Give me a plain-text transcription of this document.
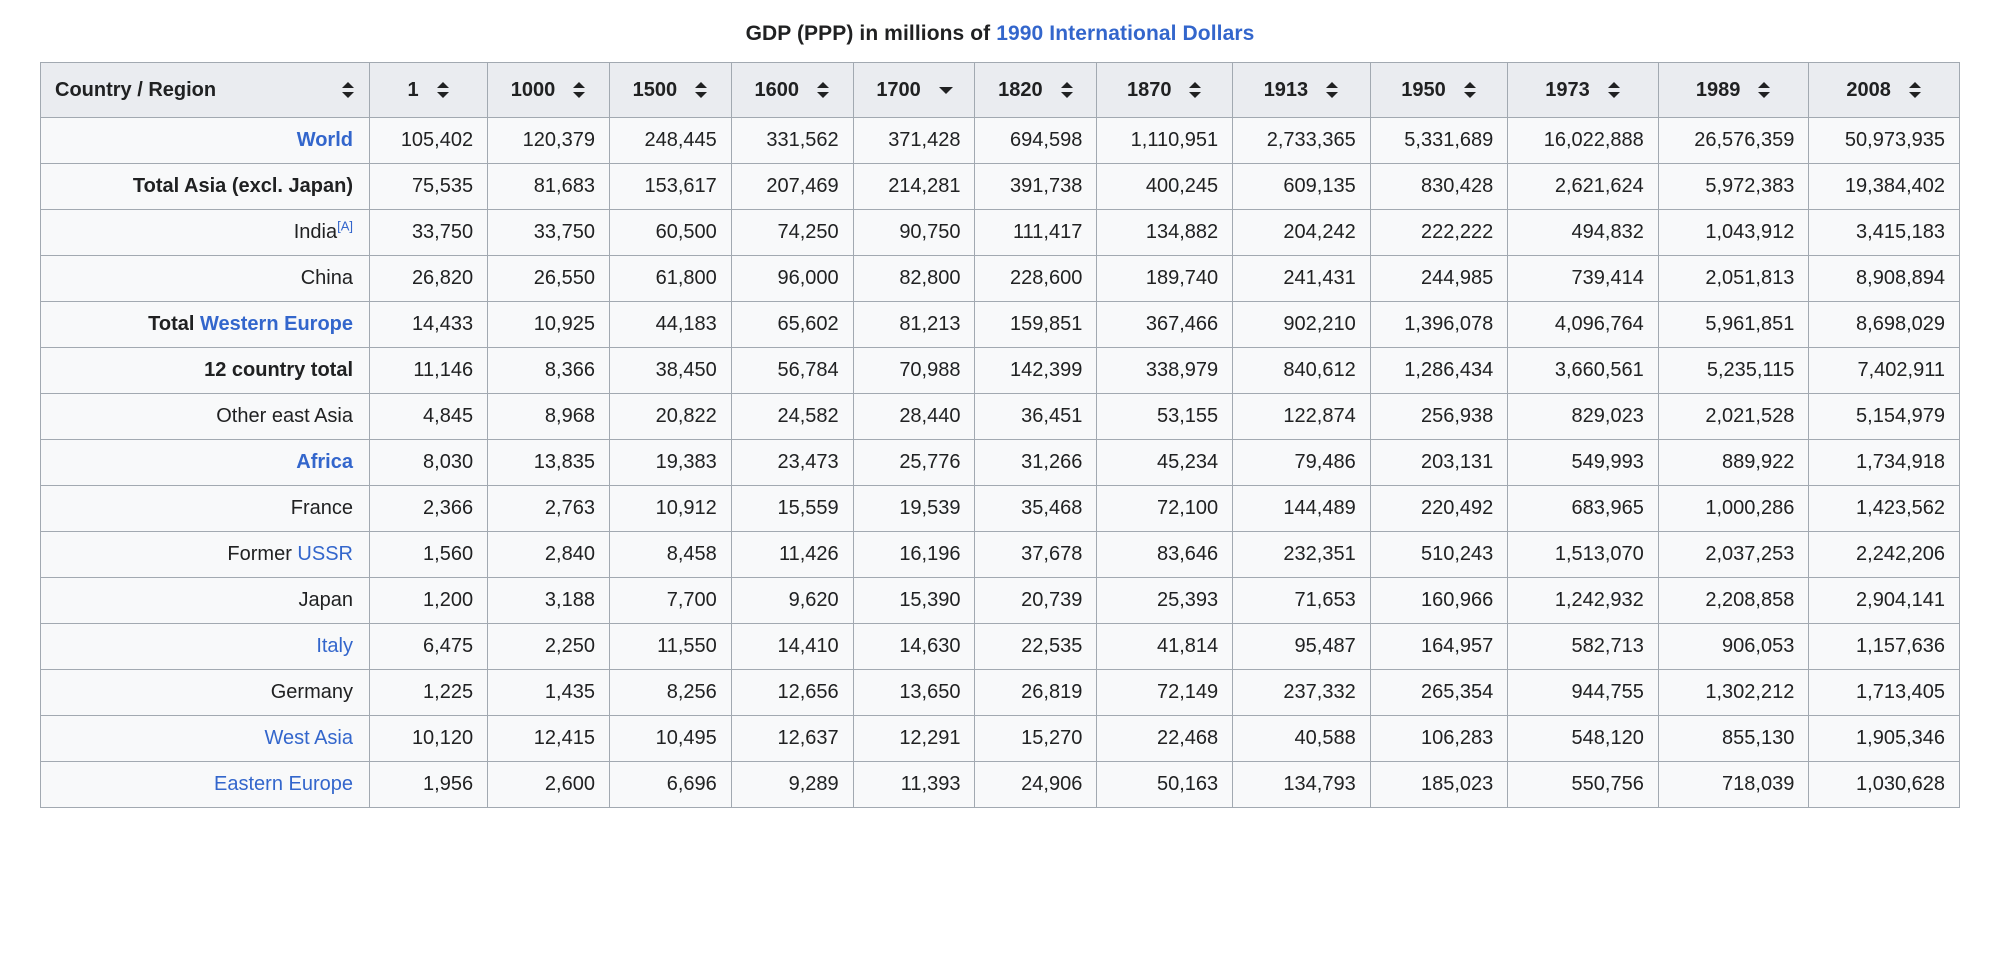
GDP (PPP) in millions of 1990 International Dollars
Country / Region	1	1000	1500	1600	1700	1820	1870	1913	1950	1973	1989	2008

World	105,402	120,379	248,445	331,562	371,428	694,598	1,110,951	2,733,365	5,331,689	16,022,888	26,576,359	50,973,935
Total Asia (excl. Japan)	75,535	81,683	153,617	207,469	214,281	391,738	400,245	609,135	830,428	2,621,624	5,972,383	19,384,402
India[A]	33,750	33,750	60,500	74,250	90,750	111,417	134,882	204,242	222,222	494,832	1,043,912	3,415,183
China	26,820	26,550	61,800	96,000	82,800	228,600	189,740	241,431	244,985	739,414	2,051,813	8,908,894
Total Western Europe	14,433	10,925	44,183	65,602	81,213	159,851	367,466	902,210	1,396,078	4,096,764	5,961,851	8,698,029
12 country total	11,146	8,366	38,450	56,784	70,988	142,399	338,979	840,612	1,286,434	3,660,561	5,235,115	7,402,911
Other east Asia	4,845	8,968	20,822	24,582	28,440	36,451	53,155	122,874	256,938	829,023	2,021,528	5,154,979
Africa	8,030	13,835	19,383	23,473	25,776	31,266	45,234	79,486	203,131	549,993	889,922	1,734,918
France	2,366	2,763	10,912	15,559	19,539	35,468	72,100	144,489	220,492	683,965	1,000,286	1,423,562
Former USSR	1,560	2,840	8,458	11,426	16,196	37,678	83,646	232,351	510,243	1,513,070	2,037,253	2,242,206
Japan	1,200	3,188	7,700	9,620	15,390	20,739	25,393	71,653	160,966	1,242,932	2,208,858	2,904,141
Italy	6,475	2,250	11,550	14,410	14,630	22,535	41,814	95,487	164,957	582,713	906,053	1,157,636
Germany	1,225	1,435	8,256	12,656	13,650	26,819	72,149	237,332	265,354	944,755	1,302,212	1,713,405
West Asia	10,120	12,415	10,495	12,637	12,291	15,270	22,468	40,588	106,283	548,120	855,130	1,905,346
Eastern Europe	1,956	2,600	6,696	9,289	11,393	24,906	50,163	134,793	185,023	550,756	718,039	1,030,628
